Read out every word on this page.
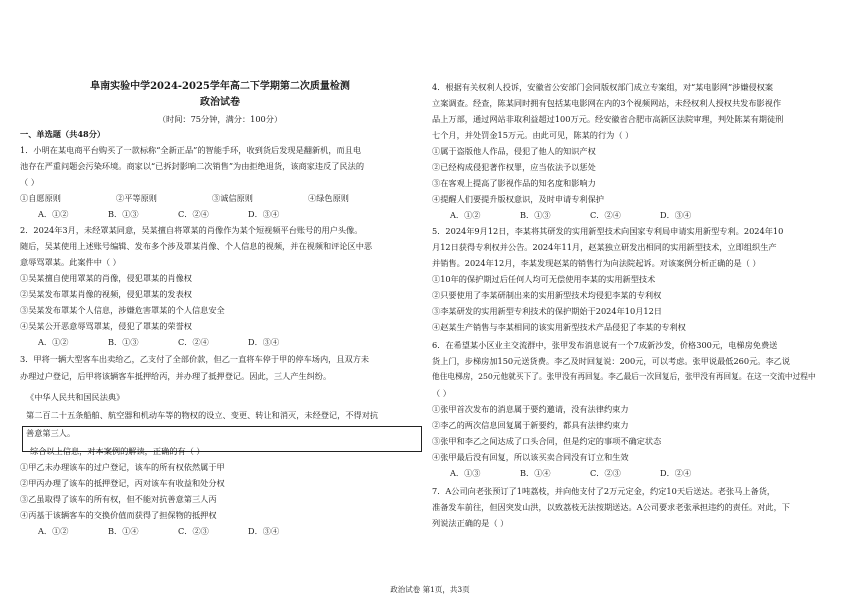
阜南实验中学2024-2025学年高二下学期第二次质量检测
政治试卷
（时间：75分钟，满分：100分）
一、单选题（共48分）
1．小明在某电商平台购买了一款标称“全新正品”的智能手环，收到货后发现是翻新机，而且电
池存在严重问题会污染环境。商家以“已拆封影响二次销售”为由拒绝退货，该商家违反了民法的
（ ）
①自愿原则	②平等原则	③诚信原则	④绿色原则
A．①②	B．①③	C．②④	D．③④
2．2024年3月，未经罩某同意，吴某擅自将罩某的肖像作为某个短视频平台账号的用户头像。
随后，吴某使用上述账号编辑、发布多个涉及罩某肖像、个人信息的视频，并在视频和评论区中恶
意辱骂罩某。此案件中（ ）
①吴某擅自使用罩某的肖像，侵犯罩某的肖像权
②吴某发布罩某肖像的视频，侵犯罩某的发表权
③吴某发布罩某个人信息，涉嫌危害罩某的个人信息安全
④吴某公开恶意辱骂罩某，侵犯了罩某的荣誉权
A．①②	B．①③	C．②④	D．③④
3．甲将一辆大型客车出卖给乙，乙支付了全部价款，但乙一直将车停于甲的停车场内，且双方未
办理过户登记，后甲将该辆客车抵押给丙，并办理了抵押登记。因此，三人产生纠纷。
《中华人民共和国民法典》
第二百二十五条船舶、航空器和机动车等的物权的设立、变更、转让和消灭，未经登记，不得对抗
善意第三人。
综合以上信息，对本案例的解读，正确的有（ ）
①甲乙未办理该车的过户登记，该车的所有权依然属于甲
②甲丙办理了该车的抵押登记，丙对该车有收益和处分权
③乙虽取得了该车的所有权，但不能对抗善意第三人丙
④丙基于该辆客车的交换价值而获得了担保物的抵押权
A．①②	B．①④	C．②③	D．③④
4．根据有关权利人投诉，安徽省公安部门会同版权部门成立专案组，对“某电影网”涉嫌侵权案
立案调查。经查，陈某同时拥有包括某电影网在内的3个视频网站，未经权利人授权共发布影视作
品上万部，通过网站非取利益超过100万元。经安徽省合肥市高新区法院审理，判处陈某有期徒刑
七个月，并处罚金15万元。由此可见，陈某的行为（ ）
①属于盗版他人作品，侵犯了他人的知识产权
②已经构成侵犯著作权罪，应当依法予以惩处
③在客观上提高了影视作品的知名度和影响力
④提醒人们要提升版权意识，及时申请专利保护
A．①②	B．①③	C．②④	D．③④
5．2024年9月12日，李某将其研发的实用新型技术向国家专利局申请实用新型专利。2024年10
月12日获得专利权并公告。2024年11月，赵某独立研发出相同的实用新型技术，立即组织生产
并销售。2024年12月，李某发现赵某的销售行为向法院起诉。对该案例分析正确的是（ ）
①10年的保护期过后任何人均可无偿使用李某的实用新型技术
②只要使用了李某研制出来的实用新型技术均侵犯李某的专利权
③李某研发的实用新型专利技术的保护期始于2024年10月12日
④赵某生产销售与李某相同的该实用新型技术产品侵犯了李某的专利权
6．在希望某小区业主交流群中，张甲发布消息说有一个7成新沙发，价格300元，电梯房免费送
货上门，步梯房加150元送货费。李乙及时回复说：200元，可以考虑。张甲说最低260元。李乙说
他住电梯房，250元他就买下了。张甲没有再回复。李乙最后一次回复后，张甲没有再回复。在这一交流中过程中
（ ）
①张甲首次发布的消息属于要约邀请，没有法律约束力
②李乙的两次信息回复属于新要约，都具有法律约束力
③张甲和李乙之间达成了口头合同，但是约定的事项不确定状态
④张甲最后没有回复，所以该买卖合同没有订立和生效
A．①③	B．①④	C．②③	D．②④
7．A公司向老张预订了1吨荔枝，并向他支付了2万元定金，约定10天后送达。老张马上备货，
准备发车前往，但因突发山洪，以致荔枝无法按期送达。A公司要求老张承担违约的责任。对此，下
列说法正确的是（ ）
政治试卷 第1页，共3页
